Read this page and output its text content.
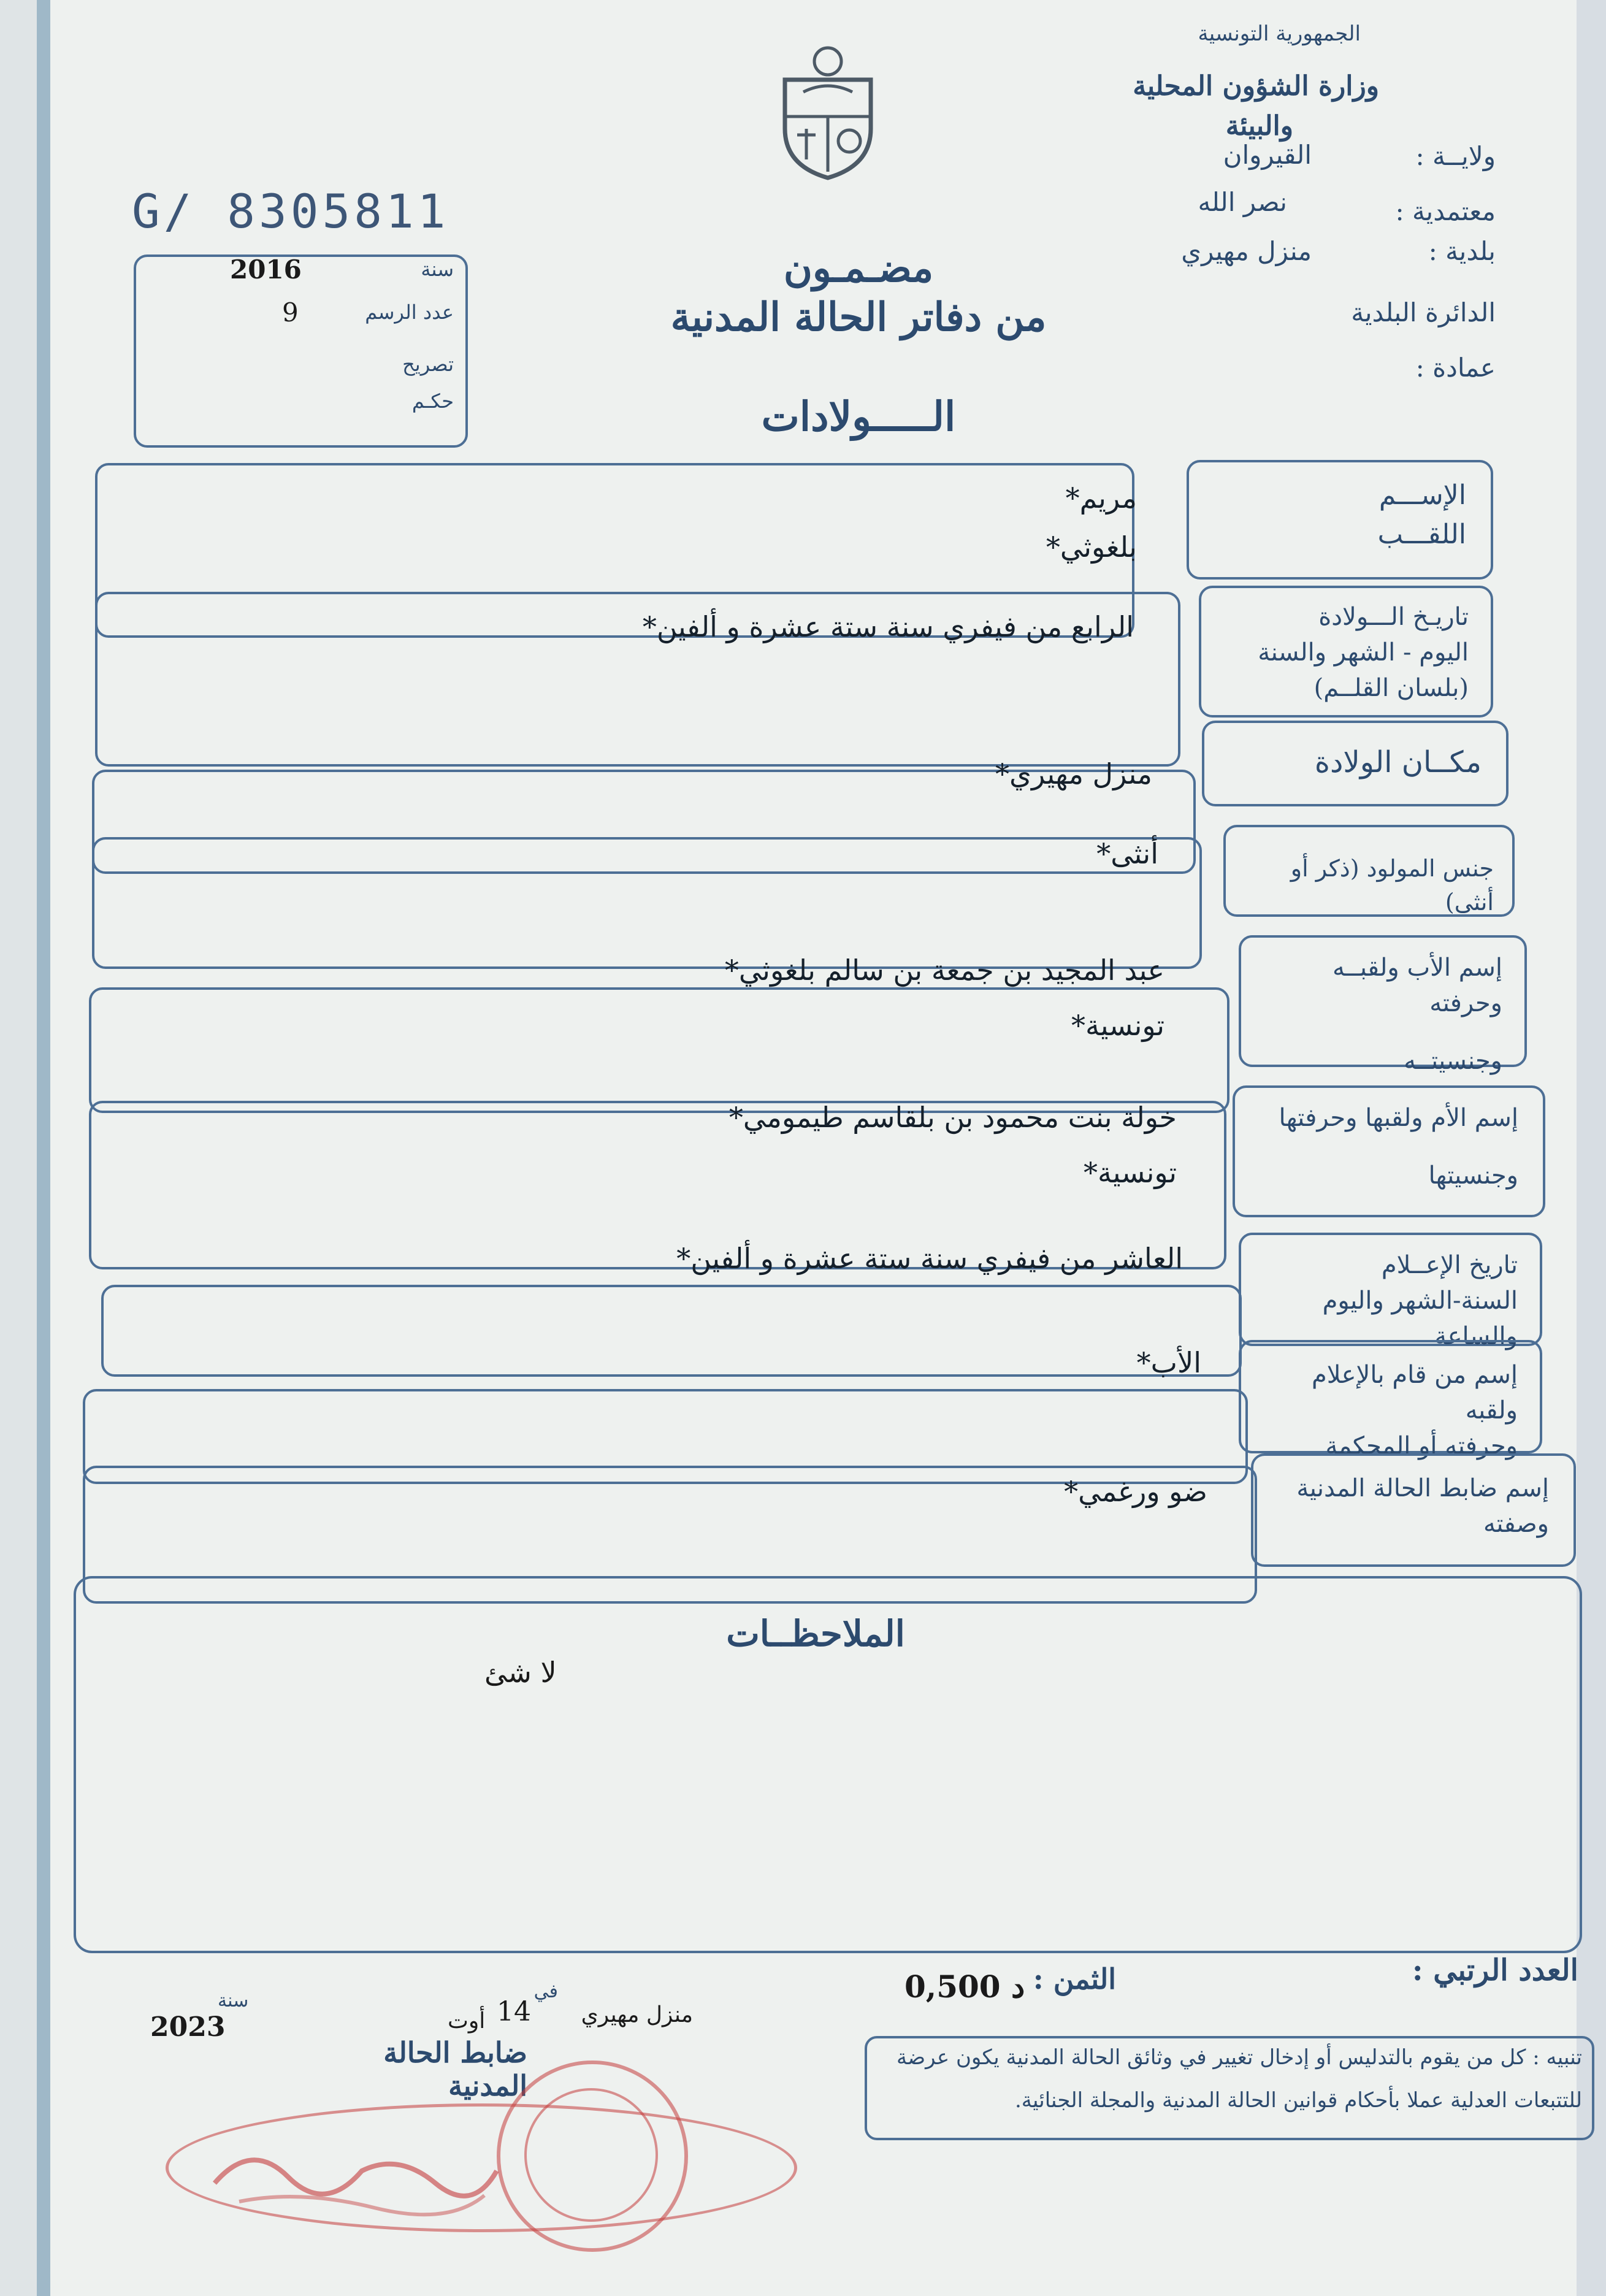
الجمهورية التونسية
وزارة الشؤون المحلية
والبيئة
ولايــة :
القيروان
معتمدية :
نصر الله
بلدية :
منزل مهيري
الدائرة البلدية
عمادة :
G/ 8305811
سنة
2016
عدد الرسم
9
تصريح
حكـم
مضـمـون
من دفاتر الحالة المدنية
الـــــولادات
الإســـم
اللقـــب
مريم*
بلغوثي*
تاريـخ الـــولادة
اليوم - الشهر والسنة
(بلسان القلــم)
الرابع من فيفري سنة ستة عشرة و ألفين*
مكــان الولادة
منزل مهيري*
جنس المولود (ذكر أو أنثى)
أنثى*
إسم الأب ولقبــه وحرفته
وجنسيتــه
عبد المجيد بن جمعة بن سالم بلغوثي*
تونسية*
إسم الأم ولقبها وحرفتها
وجنسيتها
خولة بنت محمود بن بلقاسم طيمومي*
تونسية*
تاريخ الإعــلام
السنة-الشهر واليوم والساعة
العاشر من فيفري سنة ستة عشرة و ألفين*
إسم من قام بالإعلام ولقبه
وحرفته أو المحكمة
الأب*
إسم ضابط الحالة المدنية
وصفته
ضو ورغمي*
الملاحظــات
لا شئ
العدد الرتبي :
الثمن :
0,500 د
منزل مهيري
في
14
أوت
سنة
2023
ضابط الحالة المدنية
تنبيه : كل من يقوم بالتدليس أو إدخال تغيير في وثائق الحالة المدنية يكون عرضة
للتتبعات العدلية عملا بأحكام قوانين الحالة المدنية والمجلة الجنائية.
